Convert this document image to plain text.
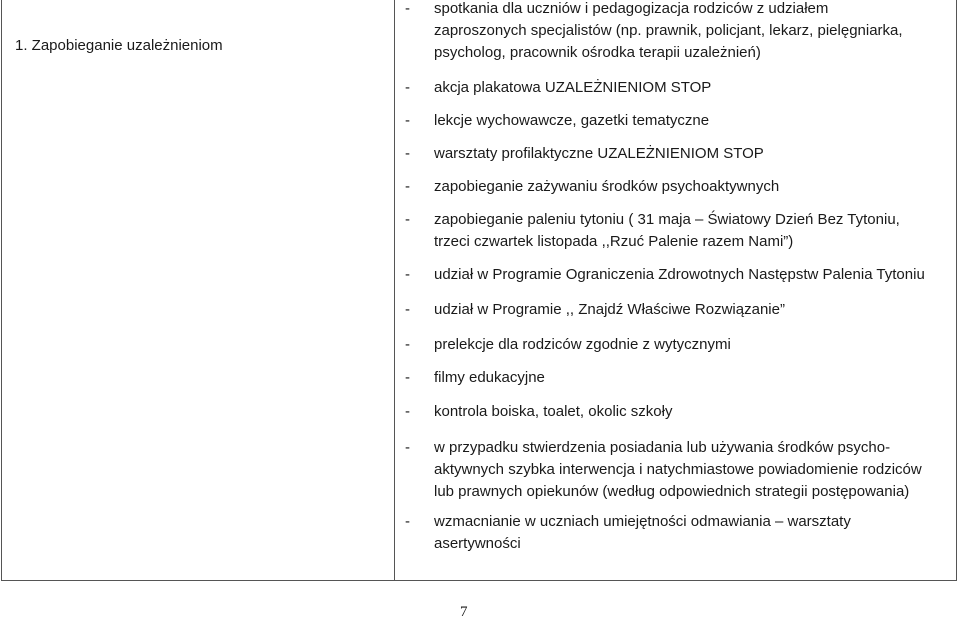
1. Zapobieganie uzależnieniom
- spotkania dla uczniów i pedagogizacja rodziców z udziałem
zaproszonych specjalistów (np. prawnik, policjant, lekarz, pielęgniarka,
psycholog, pracownik ośrodka terapii uzależnień)
- akcja plakatowa UZALEŻNIENIOM STOP
- lekcje wychowawcze, gazetki tematyczne
- warsztaty profilaktyczne UZALEŻNIENIOM STOP
- zapobieganie zażywaniu środków psychoaktywnych
- zapobieganie paleniu tytoniu ( 31 maja – Światowy Dzień Bez Tytoniu,
trzeci czwartek listopada ,,Rzuć Palenie razem Nami”)
- udział w Programie Ograniczenia Zdrowotnych Następstw Palenia Tytoniu
- udział w Programie ,, Znajdź Właściwe Rozwiązanie”
- prelekcje dla rodziców zgodnie z wytycznymi
- filmy edukacyjne
- kontrola boiska, toalet, okolic szkoły
- w przypadku stwierdzenia posiadania lub używania środków psycho-
aktywnych szybka interwencja i natychmiastowe powiadomienie rodziców
lub prawnych opiekunów (według odpowiednich strategii postępowania)
- wzmacnianie w uczniach umiejętności odmawiania – warsztaty
asertywności
7
